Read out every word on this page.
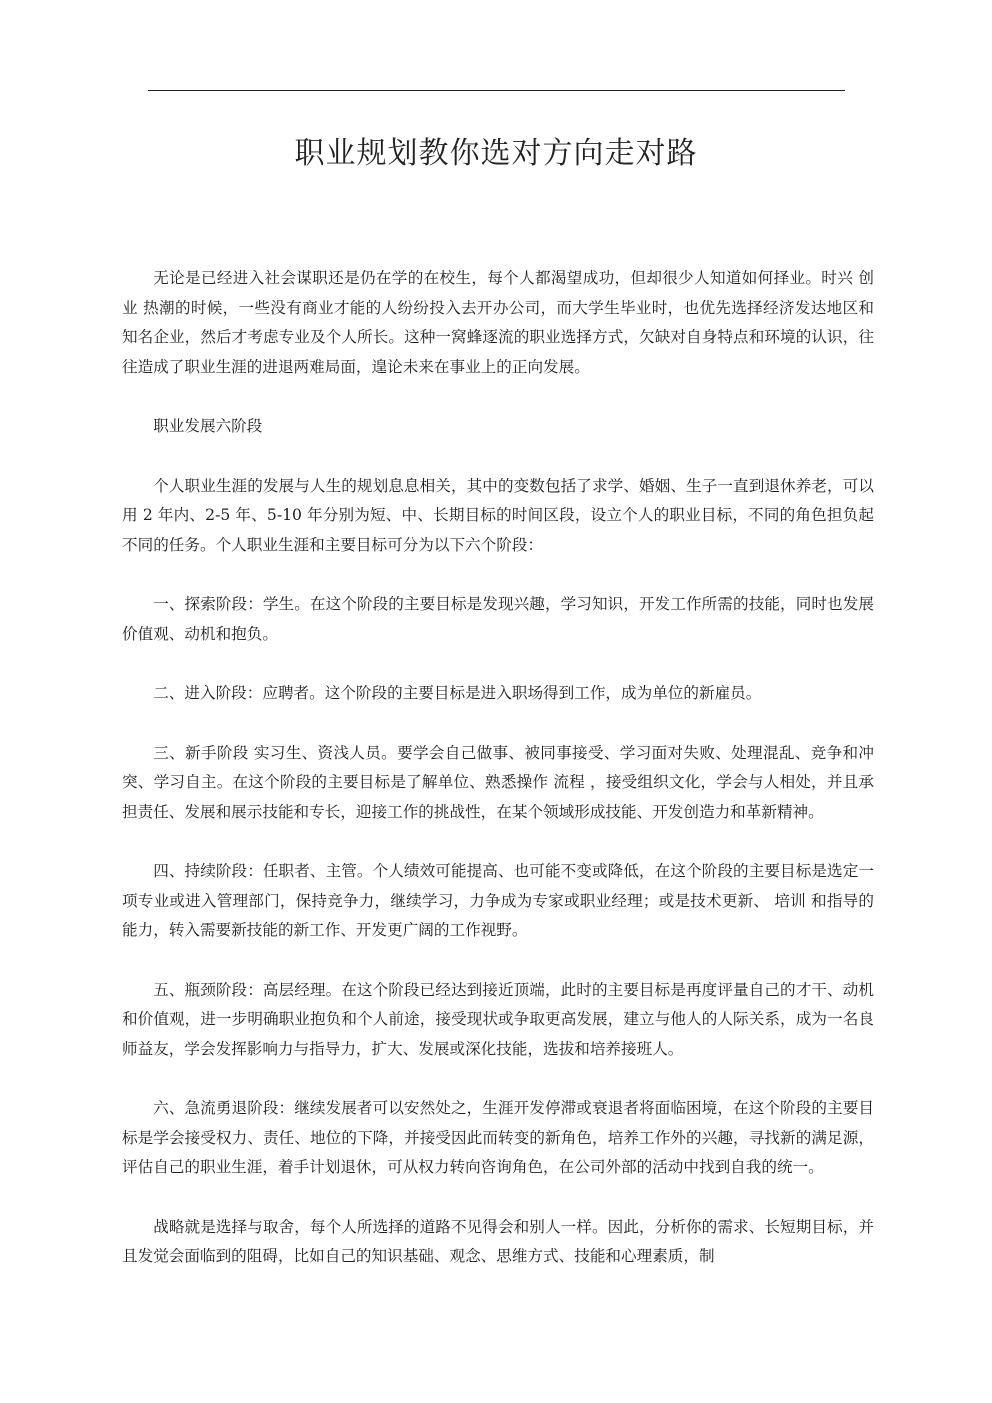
职业规划教你选对方向走对路

无论是已经进入社会谋职还是仍在学的在校生，每个人都渴望成功，但却很少人知道如何择业。时兴 创业 热潮的时候，一些没有商业才能的人纷纷投入去开办公司，而大学生毕业时，也优先选择经济发达地区和知名企业，然后才考虑专业及个人所长。这种一窝蜂逐流的职业选择方式，欠缺对自身特点和环境的认识，往往造成了职业生涯的进退两难局面，遑论未来在事业上的正向发展。

职业发展六阶段

个人职业生涯的发展与人生的规划息息相关，其中的变数包括了求学、婚姻、生子一直到退休养老，可以用 2 年内、2-5 年、5-10 年分别为短、中、长期目标的时间区段，设立个人的职业目标，不同的角色担负起不同的任务。个人职业生涯和主要目标可分为以下六个阶段：

一、探索阶段：学生。在这个阶段的主要目标是发现兴趣，学习知识，开发工作所需的技能，同时也发展价值观、动机和抱负。

二、进入阶段：应聘者。这个阶段的主要目标是进入职场得到工作，成为单位的新雇员。

三、新手阶段 实习生、资浅人员。要学会自己做事、被同事接受、学习面对失败、处理混乱、竞争和冲突、学习自主。在这个阶段的主要目标是了解单位、熟悉操作 流程 ，接受组织文化，学会与人相处，并且承担责任、发展和展示技能和专长，迎接工作的挑战性，在某个领域形成技能、开发创造力和革新精神。

四、持续阶段：任职者、主管。个人绩效可能提高、也可能不变或降低，在这个阶段的主要目标是选定一项专业或进入管理部门，保持竞争力，继续学习，力争成为专家或职业经理；或是技术更新、 培训 和指导的能力，转入需要新技能的新工作、开发更广阔的工作视野。

五、瓶颈阶段：高层经理。在这个阶段已经达到接近顶端，此时的主要目标是再度评量自己的才干、动机和价值观，进一步明确职业抱负和个人前途，接受现状或争取更高发展，建立与他人的人际关系，成为一名良师益友，学会发挥影响力与指导力，扩大、发展或深化技能，选拔和培养接班人。

六、急流勇退阶段：继续发展者可以安然处之，生涯开发停滞或衰退者将面临困境，在这个阶段的主要目标是学会接受权力、责任、地位的下降，并接受因此而转变的新角色，培养工作外的兴趣，寻找新的满足源，评估自己的职业生涯，着手计划退休，可从权力转向咨询角色，在公司外部的活动中找到自我的统一。

战略就是选择与取舍，每个人所选择的道路不见得会和别人一样。因此，分析你的需求、长短期目标，并且发觉会面临到的阻碍，比如自己的知识基础、观念、思维方式、技能和心理素质，制
